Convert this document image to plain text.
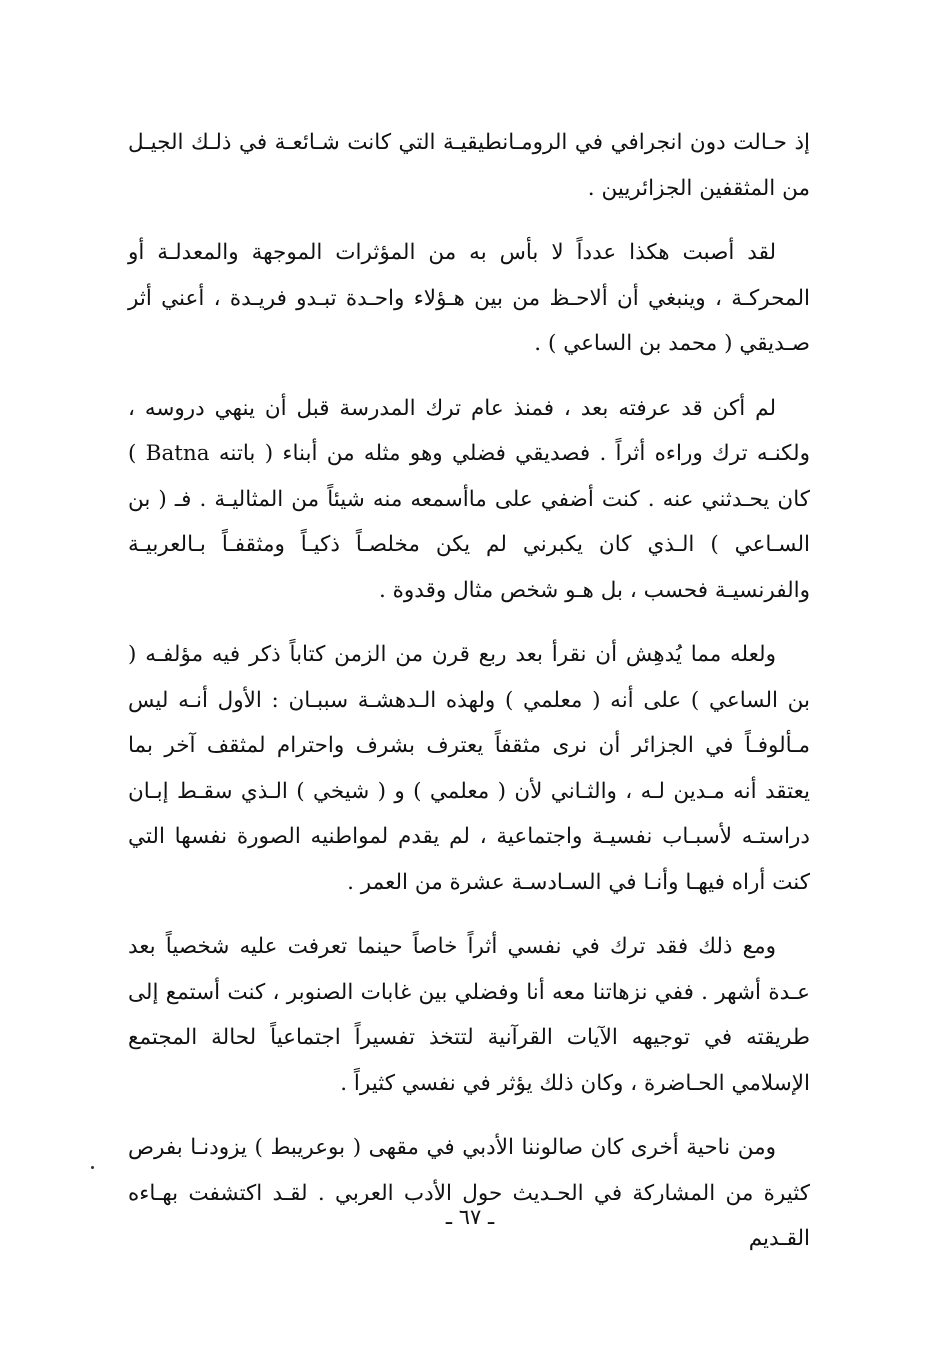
إذ حـالت دون انجرافي في الرومـانطيقيـة التي كانت شـائعـة في ذلـك الجيـل من المثقفين الجزائريين .

لقد أصبت هكذا عدداً لا بأس به من المؤثرات الموجهة والمعدلـة أو المحركـة ، وينبغي أن ألاحـظ من بين هـؤلاء واحـدة تبـدو فريـدة ، أعني أثر صـديقي ( محمد بن الساعي ) .

لم أكن قد عرفته بعد ، فمنذ عام ترك المدرسة قبل أن ينهي دروسه ، ولكنـه ترك وراءه أثراً . فصديقي فضلي وهو مثله من أبناء ( باتنه Batna ) كان يحـدثني عنه . كنت أضفي على ماأسمعه منه شيئاً من المثاليـة . فـ ( بن السـاعي ) الـذي كان يكبرني لم يكن مخلصـاً ذكيـاً ومثقفـاً بـالعربيـة والفرنسيـة فحسب ، بل هـو شخص مثال وقدوة .

ولعله مما يُدهِش أن نقرأ بعد ربع قرن من الزمن كتاباً ذكر فيه مؤلفـه ( بن الساعي ) على أنه ( معلمي ) ولهذه الـدهشـة سببـان : الأول أنـه ليس مـألوفـاً في الجزائر أن نرى مثقفاً يعترف بشرف واحترام لمثقف آخر بما يعتقد أنه مـدين لـه ، والثـاني لأن ( معلمي ) و ( شيخي ) الـذي سقـط إبـان دراستـه لأسبـاب نفسيـة واجتماعية ، لم يقدم لمواطنيه الصورة نفسها التي كنت أراه فيهـا وأنـا في السـادسـة عشرة من العمر .

ومع ذلك فقد ترك في نفسي أثراً خاصاً حينما تعرفت عليه شخصياً بعد عـدة أشهر . ففي نزهاتنا معه أنا وفضلي بين غابات الصنوبر ، كنت أستمع إلى طريقته في توجيهه الآيات القرآنية لتتخذ تفسيراً اجتماعياً لحالة المجتمع الإسلامي الحـاضرة ، وكان ذلك يؤثر في نفسي كثيراً .

ومن ناحية أخرى كان صالوننا الأدبي في مقهى ( بوعريبط ) يزودنـا بفرص كثيرة من المشاركة في الحـديث حول الأدب العربي . لقـد اكتشفت بهـاءه القـديم

ـ ٦٧ ـ
